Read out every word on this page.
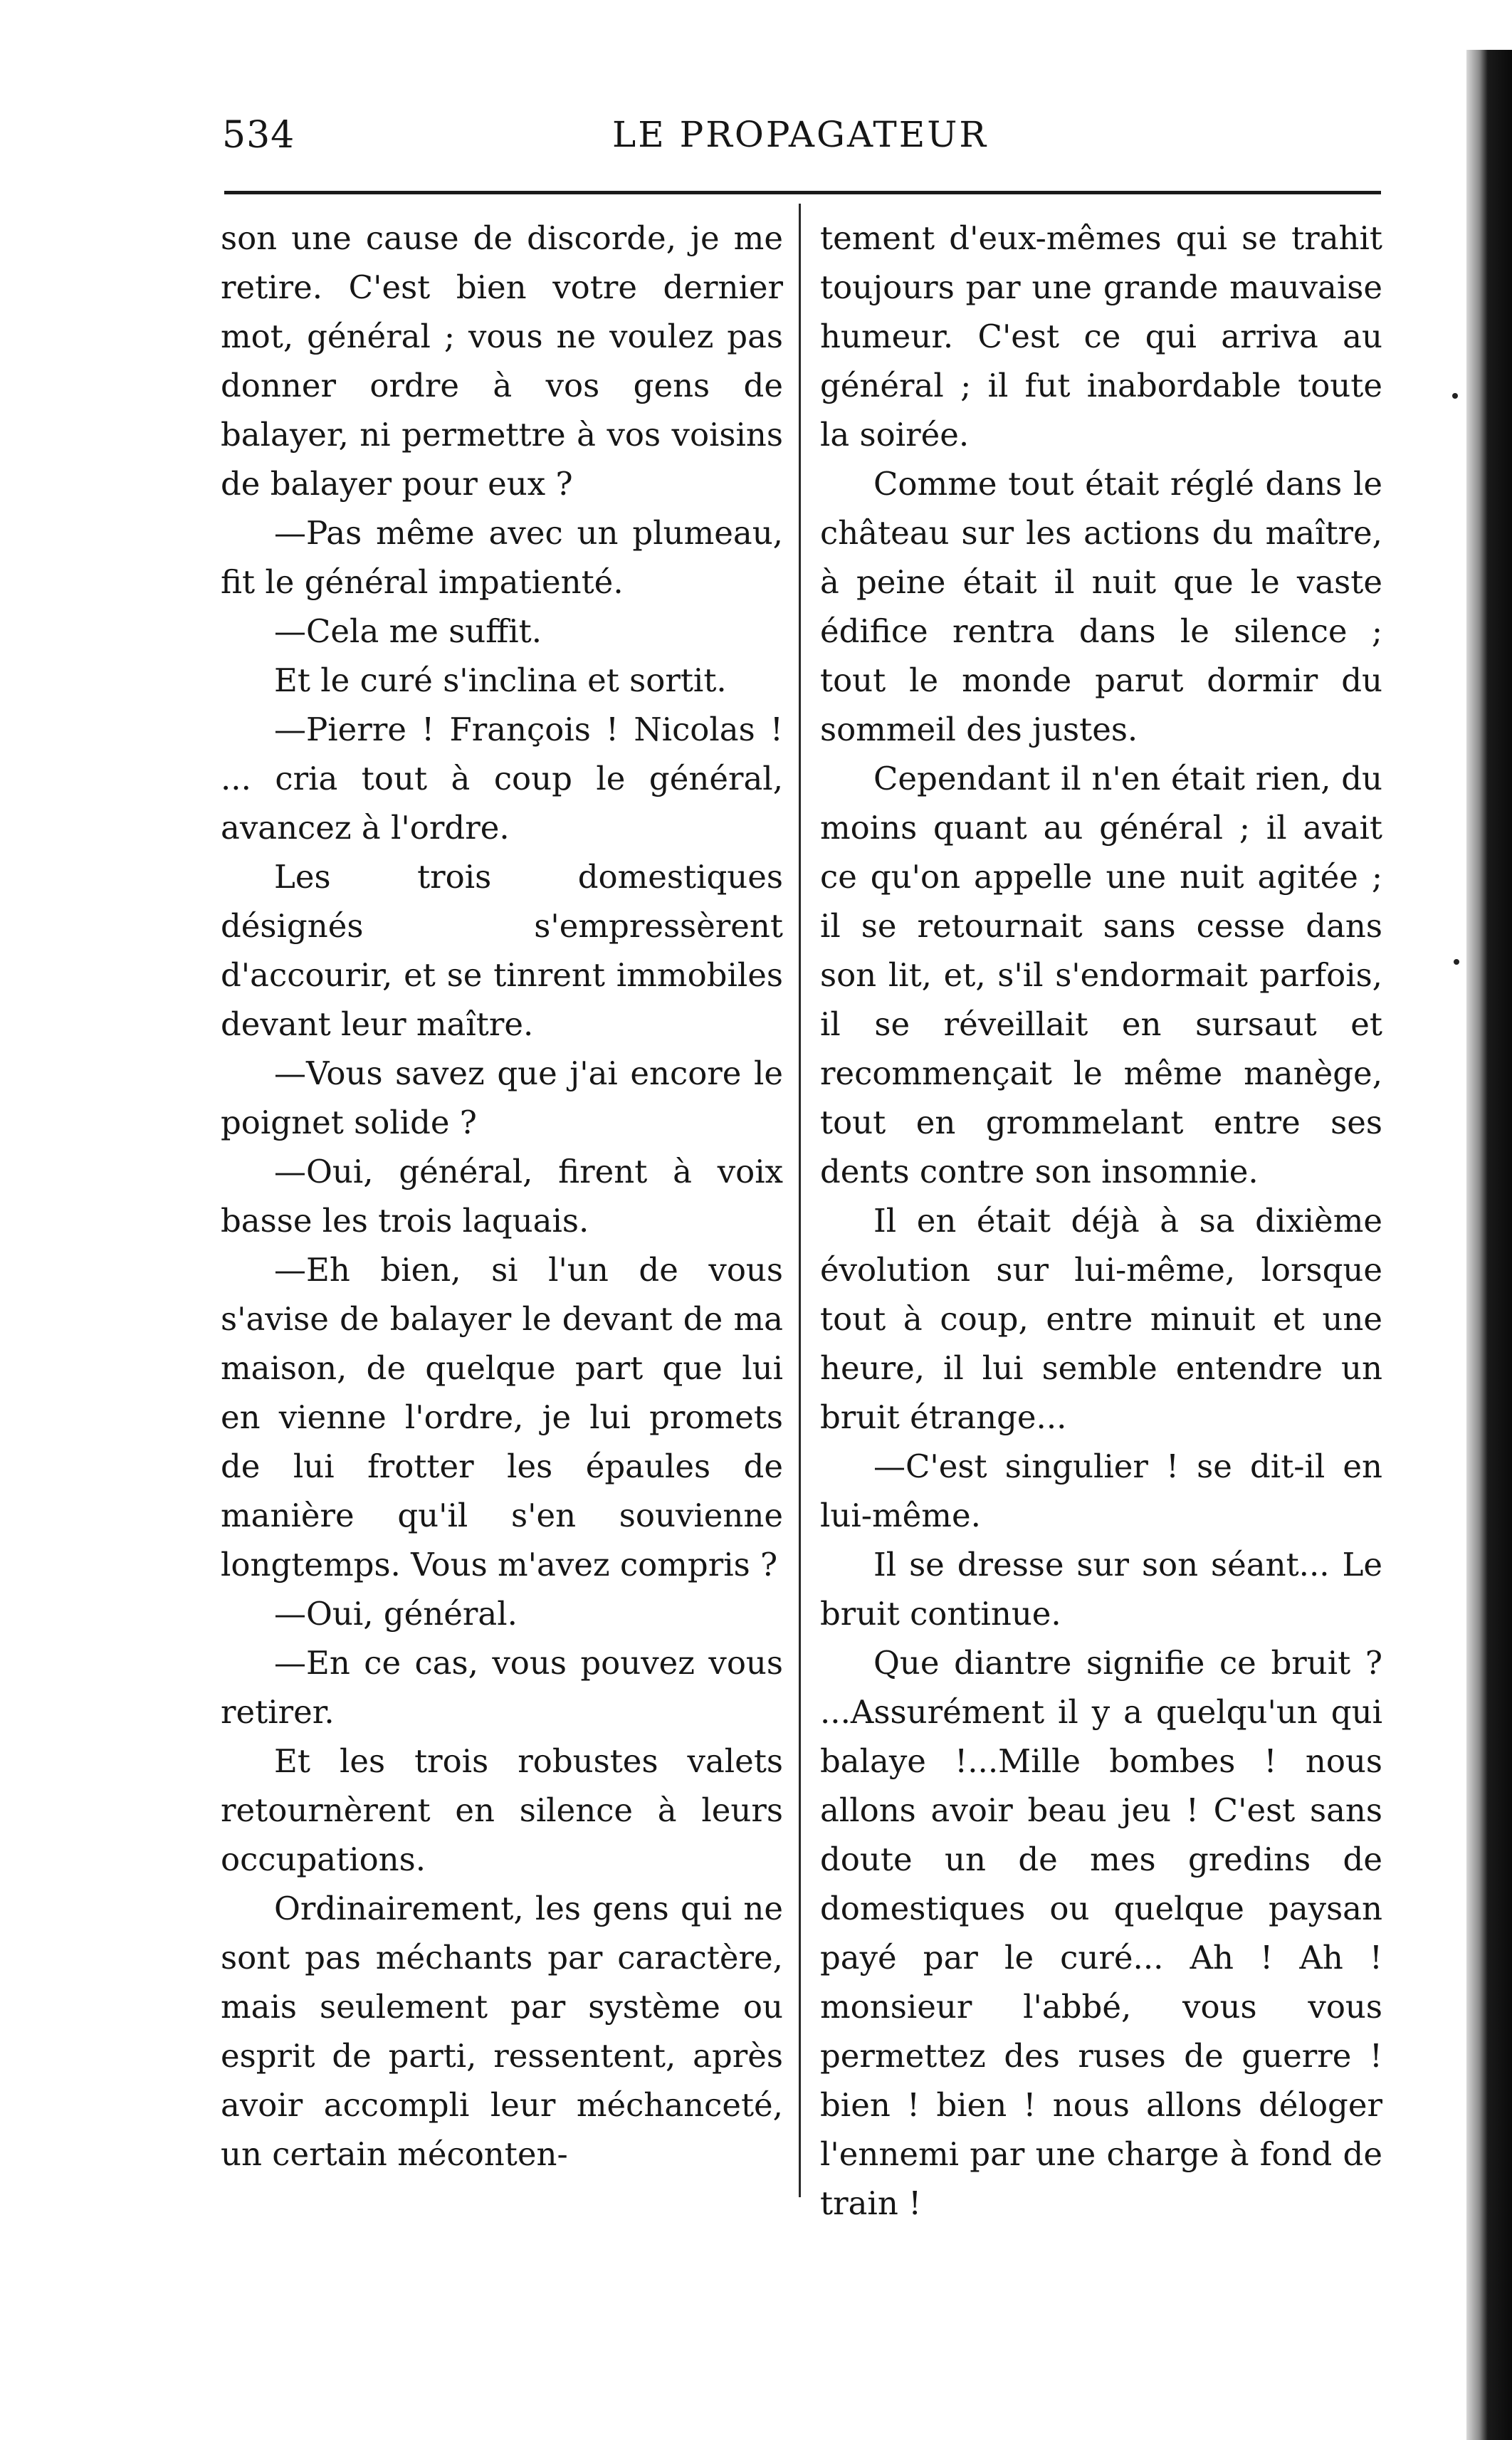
534	LE PROPAGATEUR

son une cause de discorde, je me retire. C'est bien votre dernier mot, général ; vous ne voulez pas donner ordre à vos gens de balayer, ni permettre à vos voisins de balayer pour eux ?

—Pas même avec un plumeau, fit le général impatienté.

—Cela me suffit.

Et le curé s'inclina et sortit.

—Pierre ! François ! Nicolas ! ... cria tout à coup le général, avancez à l'ordre.

Les trois domestiques désignés s'empressèrent d'accourir, et se tinrent immobiles devant leur maître.

—Vous savez que j'ai encore le poignet solide ?

—Oui, général, firent à voix basse les trois laquais.

—Eh bien, si l'un de vous s'avise de balayer le devant de ma maison, de quelque part que lui en vienne l'ordre, je lui promets de lui frotter les épaules de manière qu'il s'en souvienne longtemps. Vous m'avez compris ?

—Oui, général.

—En ce cas, vous pouvez vous retirer.

Et les trois robustes valets retournèrent en silence à leurs occupations.

Ordinairement, les gens qui ne sont pas méchants par caractère, mais seulement par système ou esprit de parti, ressentent, après avoir accompli leur méchanceté, un certain méconten-

tement d'eux-mêmes qui se trahit toujours par une grande mauvaise humeur. C'est ce qui arriva au général ; il fut inabordable toute la soirée.

Comme tout était réglé dans le château sur les actions du maître, à peine était il nuit que le vaste édifice rentra dans le silence ; tout le monde parut dormir du sommeil des justes.

Cependant il n'en était rien, du moins quant au général ; il avait ce qu'on appelle une nuit agitée ; il se retournait sans cesse dans son lit, et, s'il s'endormait parfois, il se réveillait en sursaut et recommençait le même manège, tout en grommelant entre ses dents contre son insomnie.

Il en était déjà à sa dixième évolution sur lui-même, lorsque tout à coup, entre minuit et une heure, il lui semble entendre un bruit étrange...

—C'est singulier ! se dit-il en lui-même.

Il se dresse sur son séant... Le bruit continue.

Que diantre signifie ce bruit ? ...Assurément il y a quelqu'un qui balaye !...Mille bombes ! nous allons avoir beau jeu ! C'est sans doute un de mes gredins de domestiques ou quelque paysan payé par le curé... Ah ! Ah ! monsieur l'abbé, vous vous permettez des ruses de guerre ! bien ! bien ! nous allons déloger l'ennemi par une charge à fond de train !
